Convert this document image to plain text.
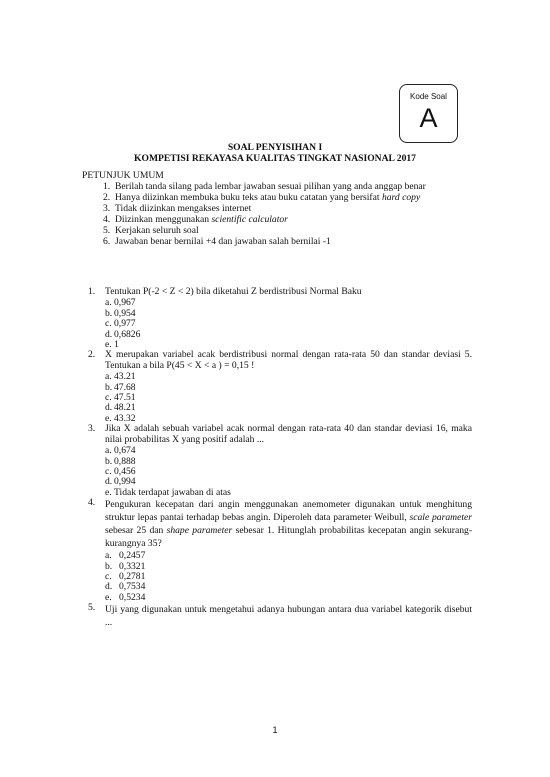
Kode Soal
A
SOAL PENYISIHAN I
KOMPETISI REKAYASA KUALITAS TINGKAT NASIONAL 2017
PETUNJUK UMUM
1. Berilah tanda silang pada lembar jawaban sesuai pilihan yang anda anggap benar
2. Hanya diizinkan membuka buku teks atau buku catatan yang bersifat hard copy
3. Tidak diizinkan mengakses internet
4. Diizinkan menggunakan scientific calculator
5. Kerjakan seluruh soal
6. Jawaban benar bernilai +4 dan jawaban salah bernilai -1
1. Tentukan P(-2 < Z < 2) bila diketahui Z berdistribusi Normal Baku
a. 0,967
b. 0,954
c. 0,977
d. 0,6826
e. 1
2. X merupakan variabel acak berdistribusi normal dengan rata-rata 50 dan standar deviasi 5. Tentukan a bila P(45 < X < a ) = 0,15 !
a. 43.21
b. 47.68
c. 47.51
d. 48.21
e. 43.32
3. Jika X adalah sebuah variabel acak normal dengan rata-rata 40 dan standar deviasi 16, maka nilai probabilitas X yang positif adalah ...
a. 0,674
b. 0,888
c. 0,456
d. 0,994
e. Tidak terdapat jawaban di atas
4. Pengukuran kecepatan dari angin menggunakan anemometer digunakan untuk menghitung struktur lepas pantai terhadap bebas angin. Diperoleh data parameter Weibull, scale parameter sebesar 25 dan shape parameter sebesar 1. Hitunglah probabilitas kecepatan angin sekurang- kurangnya 35?
a. 0,2457
b. 0,3321
c. 0,2781
d. 0,7534
e. 0,5234
5. Uji yang digunakan untuk mengetahui adanya hubungan antara dua variabel kategorik disebut ...
1
